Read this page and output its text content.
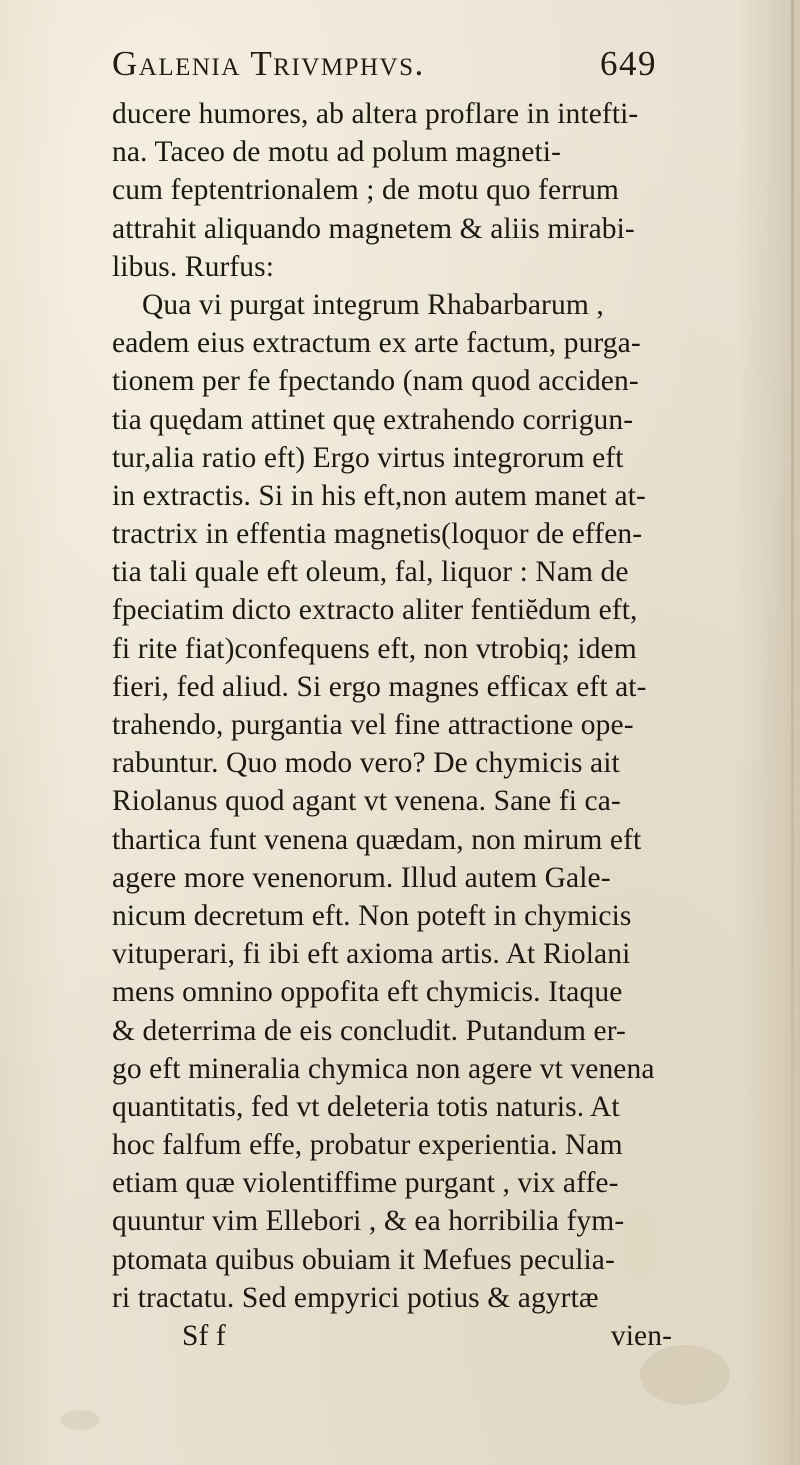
Galenia Trivmphvs.	649
ducere humores, ab altera proflare in intefti-
na. Taceo de motu ad polum magneti-
cum feptentrionalem ; de motu quo ferrum
attrahit aliquando magnetem & aliis mirabi-
libus. Rurfus:
Qua vi purgat integrum Rhabarbarum ,
eadem eius extractum ex arte factum, purga-
tionem per fe fpectando (nam quod acciden-
tia quędam attinet quę extrahendo corrigun-
tur,alia ratio eft) Ergo virtus integrorum eft
in extractis. Si in his eft,non autem manet at-
tractrix in effentia magnetis(loquor de effen-
tia tali quale eft oleum, fal, liquor : Nam de
fpeciatim dicto extracto aliter fentiĕdum eft,
fi rite fiat)confequens eft, non vtrobiq; idem
fieri, fed aliud. Si ergo magnes efficax eft at-
trahendo, purgantia vel fine attractione ope-
rabuntur. Quo modo vero? De chymicis ait
Riolanus quod agant vt venena. Sane fi ca-
thartica funt venena quædam, non mirum eft
agere more venenorum. Illud autem Gale-
nicum decretum eft. Non poteft in chymicis
vituperari, fi ibi eft axioma artis. At Riolani
mens omnino oppofita eft chymicis. Itaque
& deterrima de eis concludit. Putandum er-
go eft mineralia chymica non agere vt venena
quantitatis, fed vt deleteria totis naturis. At
hoc falfum effe, probatur experientia. Nam
etiam quæ violentiffime purgant , vix affe-
quuntur vim Ellebori , & ea horribilia fym-
ptomata quibus obuiam it Mefues peculia-
ri tractatu. Sed empyrici potius & agyrtæ
Sf f	vien-
